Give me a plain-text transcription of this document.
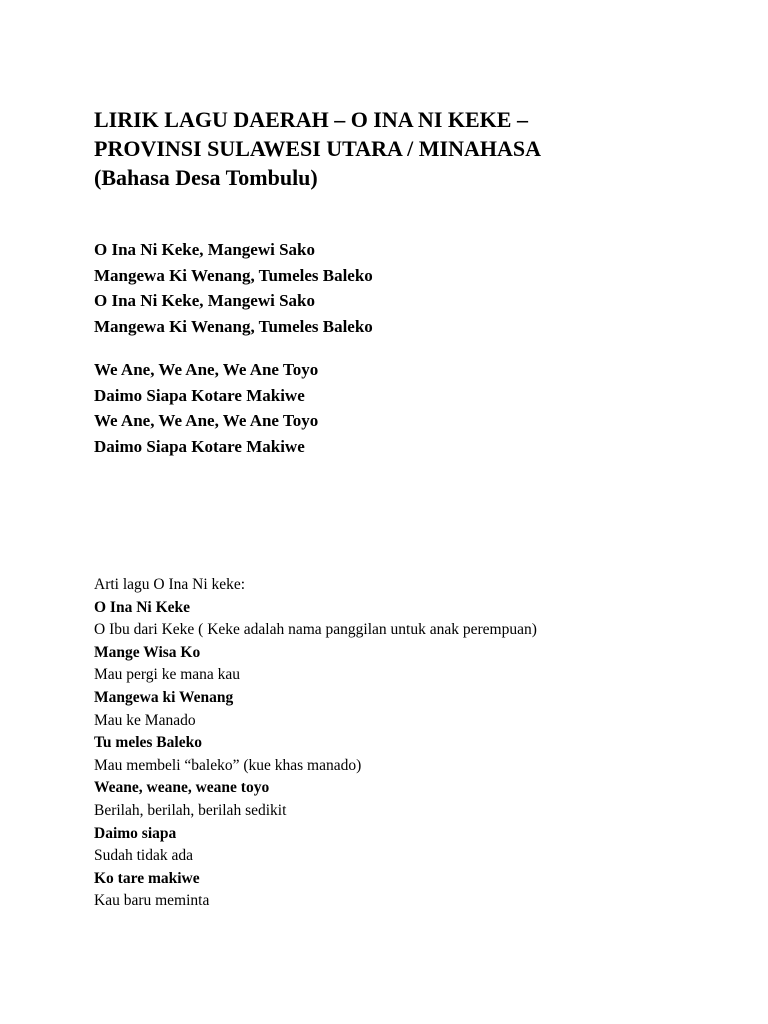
LIRIK LAGU DAERAH – O INA NI KEKE –
PROVINSI SULAWESI UTARA / MINAHASA
(Bahasa Desa Tombulu)
O Ina Ni Keke, Mangewi Sako
Mangewa Ki Wenang, Tumeles Baleko
O Ina Ni Keke, Mangewi Sako
Mangewa Ki Wenang, Tumeles Baleko
We Ane, We Ane, We Ane Toyo
Daimo Siapa Kotare Makiwe
We Ane, We Ane, We Ane Toyo
Daimo Siapa Kotare Makiwe
Arti lagu O Ina Ni keke:
O Ina Ni Keke
O Ibu dari Keke ( Keke adalah nama panggilan untuk anak perempuan)
Mange Wisa Ko
Mau pergi ke mana kau
Mangewa ki Wenang
Mau ke Manado
Tu meles Baleko
Mau membeli “baleko” (kue khas manado)
Weane, weane, weane toyo
Berilah, berilah, berilah sedikit
Daimo siapa
Sudah tidak ada
Ko tare makiwe
Kau baru meminta
